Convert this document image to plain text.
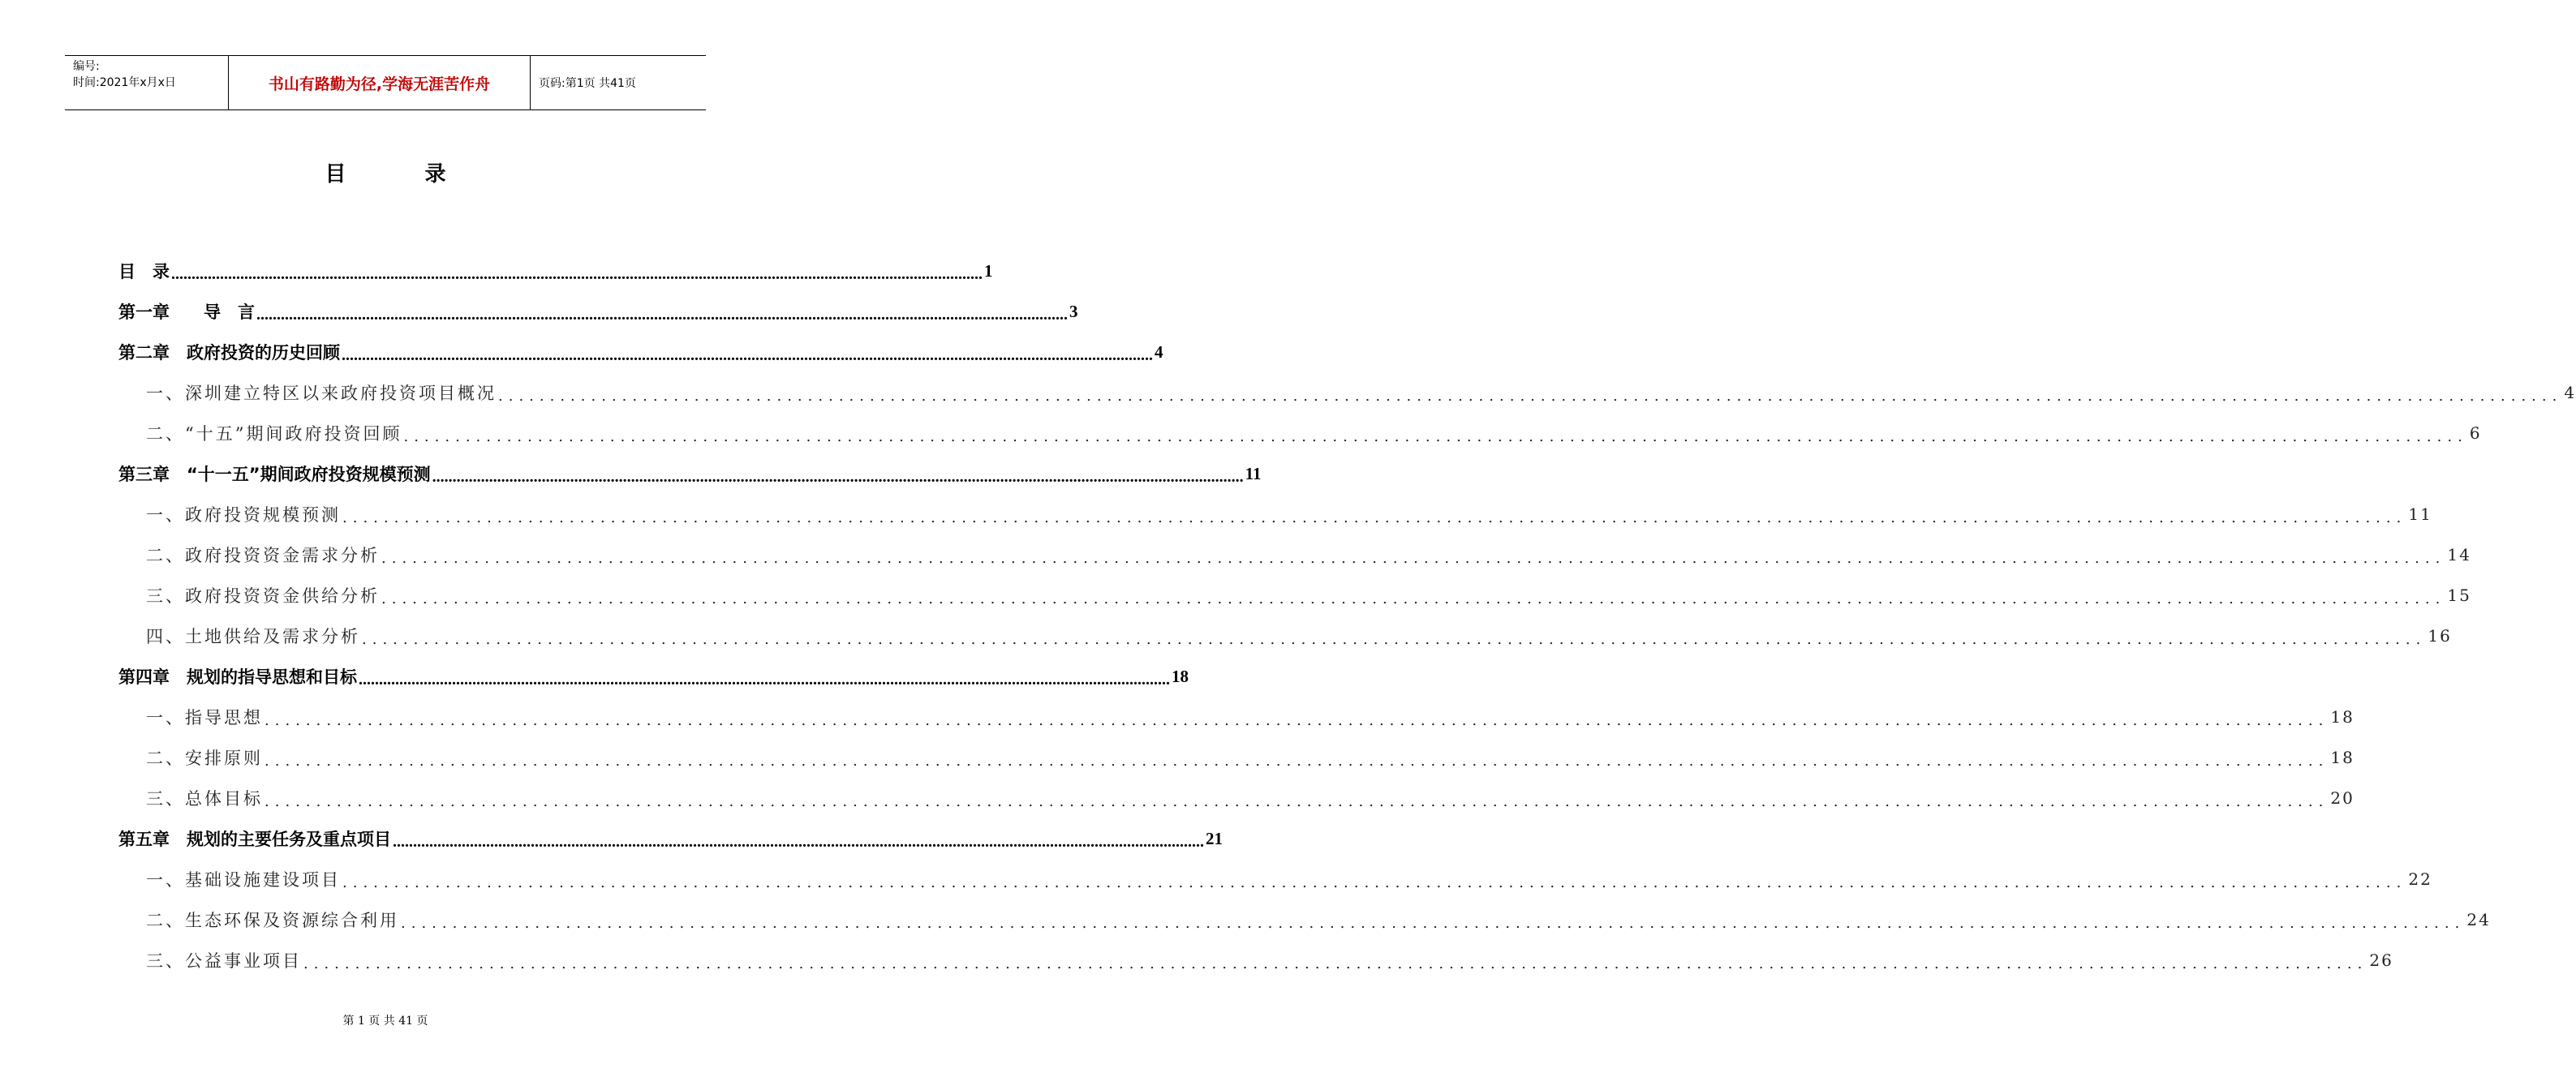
编号:
时间:2021年x月x日	书山有路勤为径,学海无涯苦作舟	页码:第1页 共41页
目 录
目　录 ........................................................................................................................................................................................................ 1
第一章　　导　言 ........................................................................................................................................................................................................ 3
第二章　政府投资的历史回顾 ........................................................................................................................................................................................................ 4
一、深圳建立特区以来政府投资项目概况 ........................................................................................................................................................................................................ 4
二、“十五”期间政府投资回顾 ........................................................................................................................................................................................................ 6
第三章　“十一五”期间政府投资规模预测 ........................................................................................................................................................................................................ 11
一、政府投资规模预测 ........................................................................................................................................................................................................ 11
二、政府投资资金需求分析 ........................................................................................................................................................................................................ 14
三、政府投资资金供给分析 ........................................................................................................................................................................................................ 15
四、土地供给及需求分析 ........................................................................................................................................................................................................ 16
第四章　规划的指导思想和目标 ........................................................................................................................................................................................................ 18
一、指导思想 ........................................................................................................................................................................................................ 18
二、安排原则 ........................................................................................................................................................................................................ 18
三、总体目标 ........................................................................................................................................................................................................ 20
第五章　规划的主要任务及重点项目 ........................................................................................................................................................................................................ 21
一、基础设施建设项目 ........................................................................................................................................................................................................ 22
二、生态环保及资源综合利用 ........................................................................................................................................................................................................ 24
三、公益事业项目 ........................................................................................................................................................................................................ 26
第 1 页 共 41 页
